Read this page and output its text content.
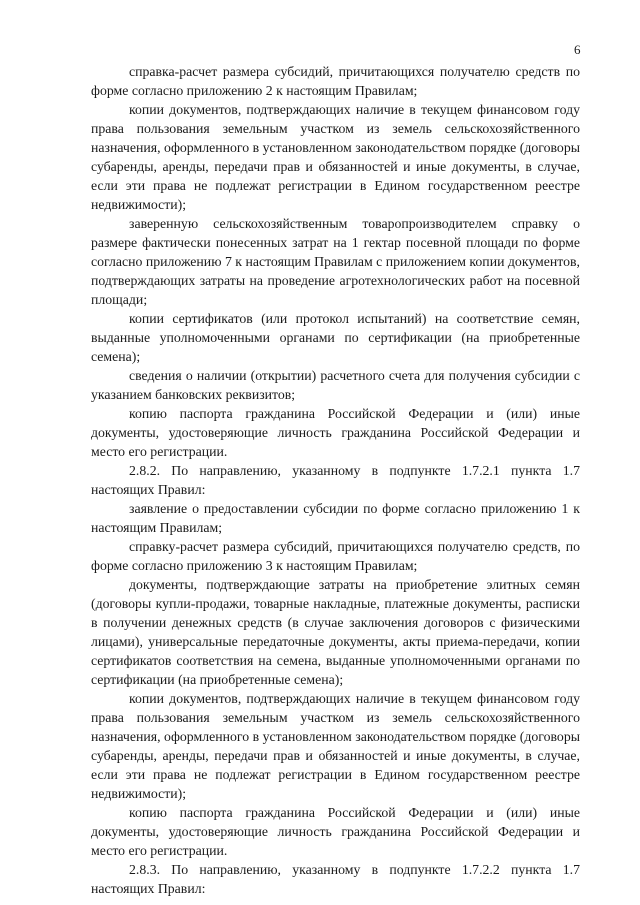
6

справка-расчет размера субсидий, причитающихся получателю средств по форме согласно приложению 2 к настоящим Правилам;

копии документов, подтверждающих наличие в текущем финансовом году права пользования земельным участком из земель сельскохозяйственного назначения, оформленного в установленном законодательством порядке (договоры субаренды, аренды, передачи прав и обязанностей и иные документы, в случае, если эти права не подлежат регистрации в Едином государственном реестре недвижимости);

заверенную сельскохозяйственным товаропроизводителем справку о размере фактически понесенных затрат на 1 гектар посевной площади по форме согласно приложению 7 к настоящим Правилам с приложением копии документов, подтверждающих затраты на проведение агротехнологических работ на посевной площади;

копии сертификатов (или протокол испытаний) на соответствие семян, выданные уполномоченными органами по сертификации (на приобретенные семена);

сведения о наличии (открытии) расчетного счета для получения субсидии с указанием банковских реквизитов;

копию паспорта гражданина Российской Федерации и (или) иные документы, удостоверяющие личность гражданина Российской Федерации и место его регистрации.

2.8.2. По направлению, указанному в подпункте 1.7.2.1 пункта 1.7 настоящих Правил:

заявление о предоставлении субсидии по форме согласно приложению 1 к настоящим Правилам;

справку-расчет размера субсидий, причитающихся получателю средств, по форме согласно приложению 3 к настоящим Правилам;

документы, подтверждающие затраты на приобретение элитных семян (договоры купли-продажи, товарные накладные, платежные документы, расписки в получении денежных средств (в случае заключения договоров с физическими лицами), универсальные передаточные документы, акты приема-передачи, копии сертификатов соответствия на семена, выданные уполномоченными органами по сертификации (на приобретенные семена);

копии документов, подтверждающих наличие в текущем финансовом году права пользования земельным участком из земель сельскохозяйственного назначения, оформленного в установленном законодательством порядке (договоры субаренды, аренды, передачи прав и обязанностей и иные документы, в случае, если эти права не подлежат регистрации в Едином государственном реестре недвижимости);

копию паспорта гражданина Российской Федерации и (или) иные документы, удостоверяющие личность гражданина Российской Федерации и место его регистрации.

2.8.3. По направлению, указанному в подпункте 1.7.2.2 пункта 1.7 настоящих Правил:
